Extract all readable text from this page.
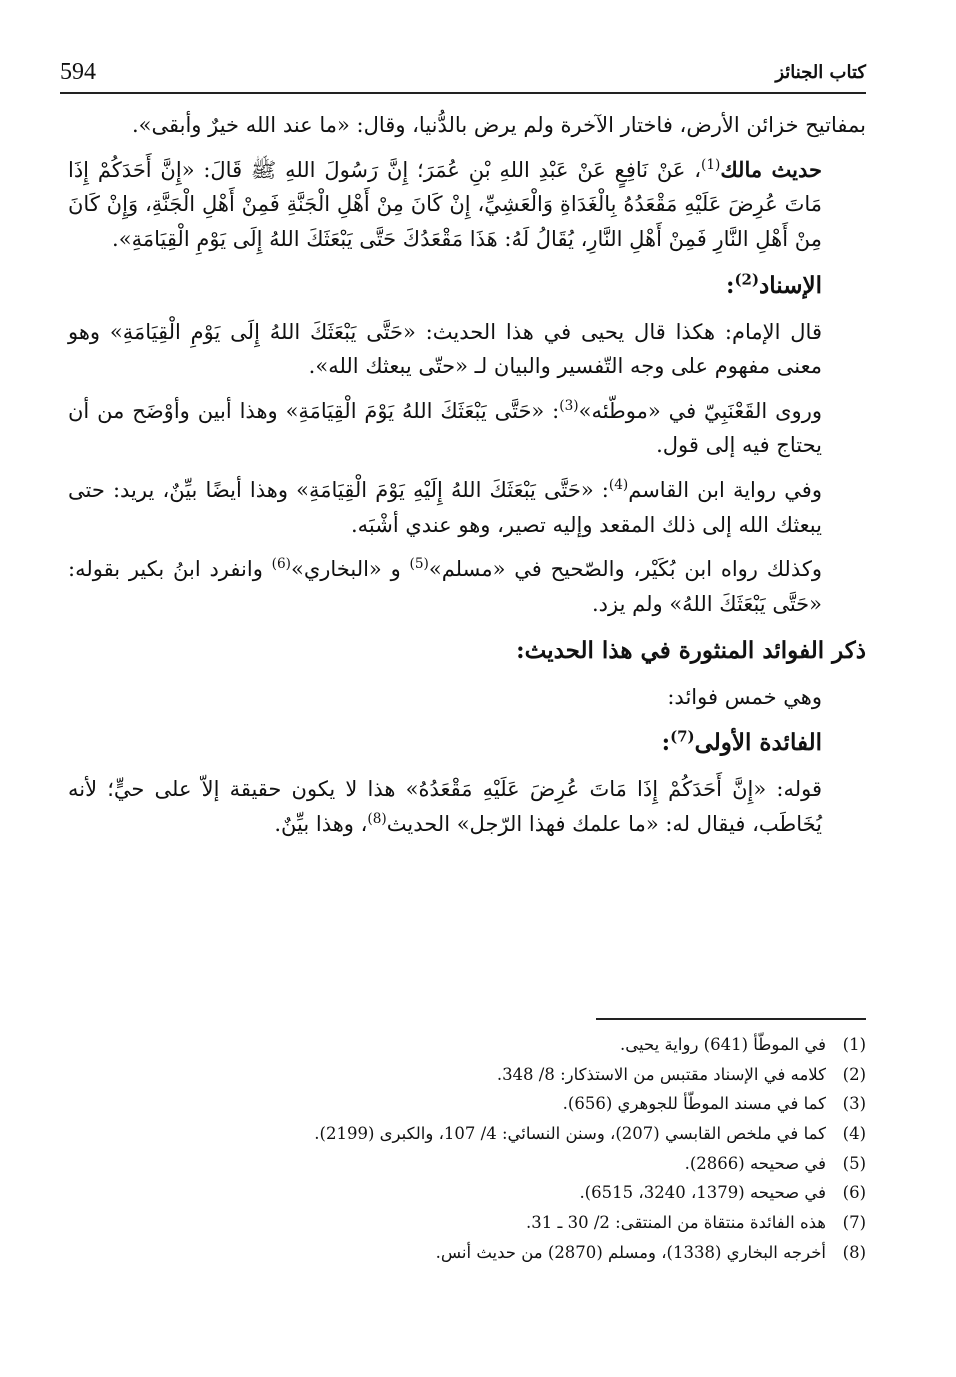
594	كتاب الجنائز

بمفاتيح خزائن الأرض، فاختار الآخرة ولم يرض بالدُّنيا، وقال: «ما عند الله خيرٌ وأبقى».

حديث مالك$^{(1)}$، عَنْ نَافِعٍ عَنْ عَبْدِ اللهِ بْنِ عُمَرَ؛ إِنَّ رَسُولَ اللهِ ﷺ قَالَ: «إِنَّ أَحَدَكُمْ إِذَا مَاتَ عُرِضَ عَلَيْهِ مَقْعَدُهُ بِالْغَدَاةِ وَالْعَشِيِّ، إِنْ كَانَ مِنْ أَهْلِ الْجَنَّةِ فَمِنْ أَهْلِ الْجَنَّةِ، وَإِنْ كَانَ مِنْ أَهْلِ النَّارِ فَمِنْ أَهْلِ النَّارِ، يُقَالُ لَهُ: هَذَا مَقْعَدُكَ حَتَّى يَبْعَثَكَ اللهُ إِلَى يَوْمِ الْقِيَامَةِ».

الإسناد$^{(2)}$:

قال الإمام: هكذا قال يحيى في هذا الحديث: «حَتَّى يَبْعَثَكَ اللهُ إِلَى يَوْمِ الْقِيَامَةِ» وهو معنى مفهوم على وجه التّفسير والبيان لـ «حتّى يبعثك الله».

وروى القَعْنَبِيّ في «موطّئه»$^{(3)}$: «حَتَّى يَبْعَثَكَ اللهُ يَوْمَ الْقِيَامَةِ» وهذا أبين وأوْضَح من أن يحتاج فيه إلى قول.

وفي رواية ابن القاسم$^{(4)}$: «حَتَّى يَبْعَثَكَ اللهُ إِلَيْهِ يَوْمَ الْقِيَامَةِ» وهذا أيضًا بيِّنٌ، يريد: حتى يبعثك الله إلى ذلك المقعد وإليه تصير، وهو عندي أشْبَه.

وكذلك رواه ابن بُكَيْر، والصّحيح في «مسلم»$^{(5)}$ و «البخاري»$^{(6)}$ وانفرد ابنُ بكير بقوله: «حَتَّى يَبْعَثَكَ اللهُ» ولم يزد.

ذكر الفوائد المنثورة في هذا الحديث:

وهي خمس فوائد:

الفائدة الأولى$^{(7)}$:

قوله: «إِنَّ أَحَدَكُمْ إِذَا مَاتَ عُرِضَ عَلَيْهِ مَقْعَدُهُ» هذا لا يكون حقيقة إلاّ على حيٍّ؛ لأنه يُخَاطَب، فيقال له: «ما علمك فهذا الرّجل» الحديث$^{(8)}$، وهذا بيِّنٌ.

(1)
في الموطّأ (641) رواية يحيى.
(2)
كلامه في الإسناد مقتبس من الاستذكار: 8/ 348.
(3)
كما في مسند الموطّأ للجوهري (656).
(4)
كما في ملخص القابسي (207)، وسنن النسائي: 4/ 107، والكبرى (2199).
(5)
في صحيحه (2866).
(6)
في صحيحه (1379، 3240، 6515).
(7)
هذه الفائدة منتقاة من المنتقى: 2/ 30 ـ 31.
(8)
أخرجه البخاري (1338)، ومسلم (2870) من حديث أنس.
